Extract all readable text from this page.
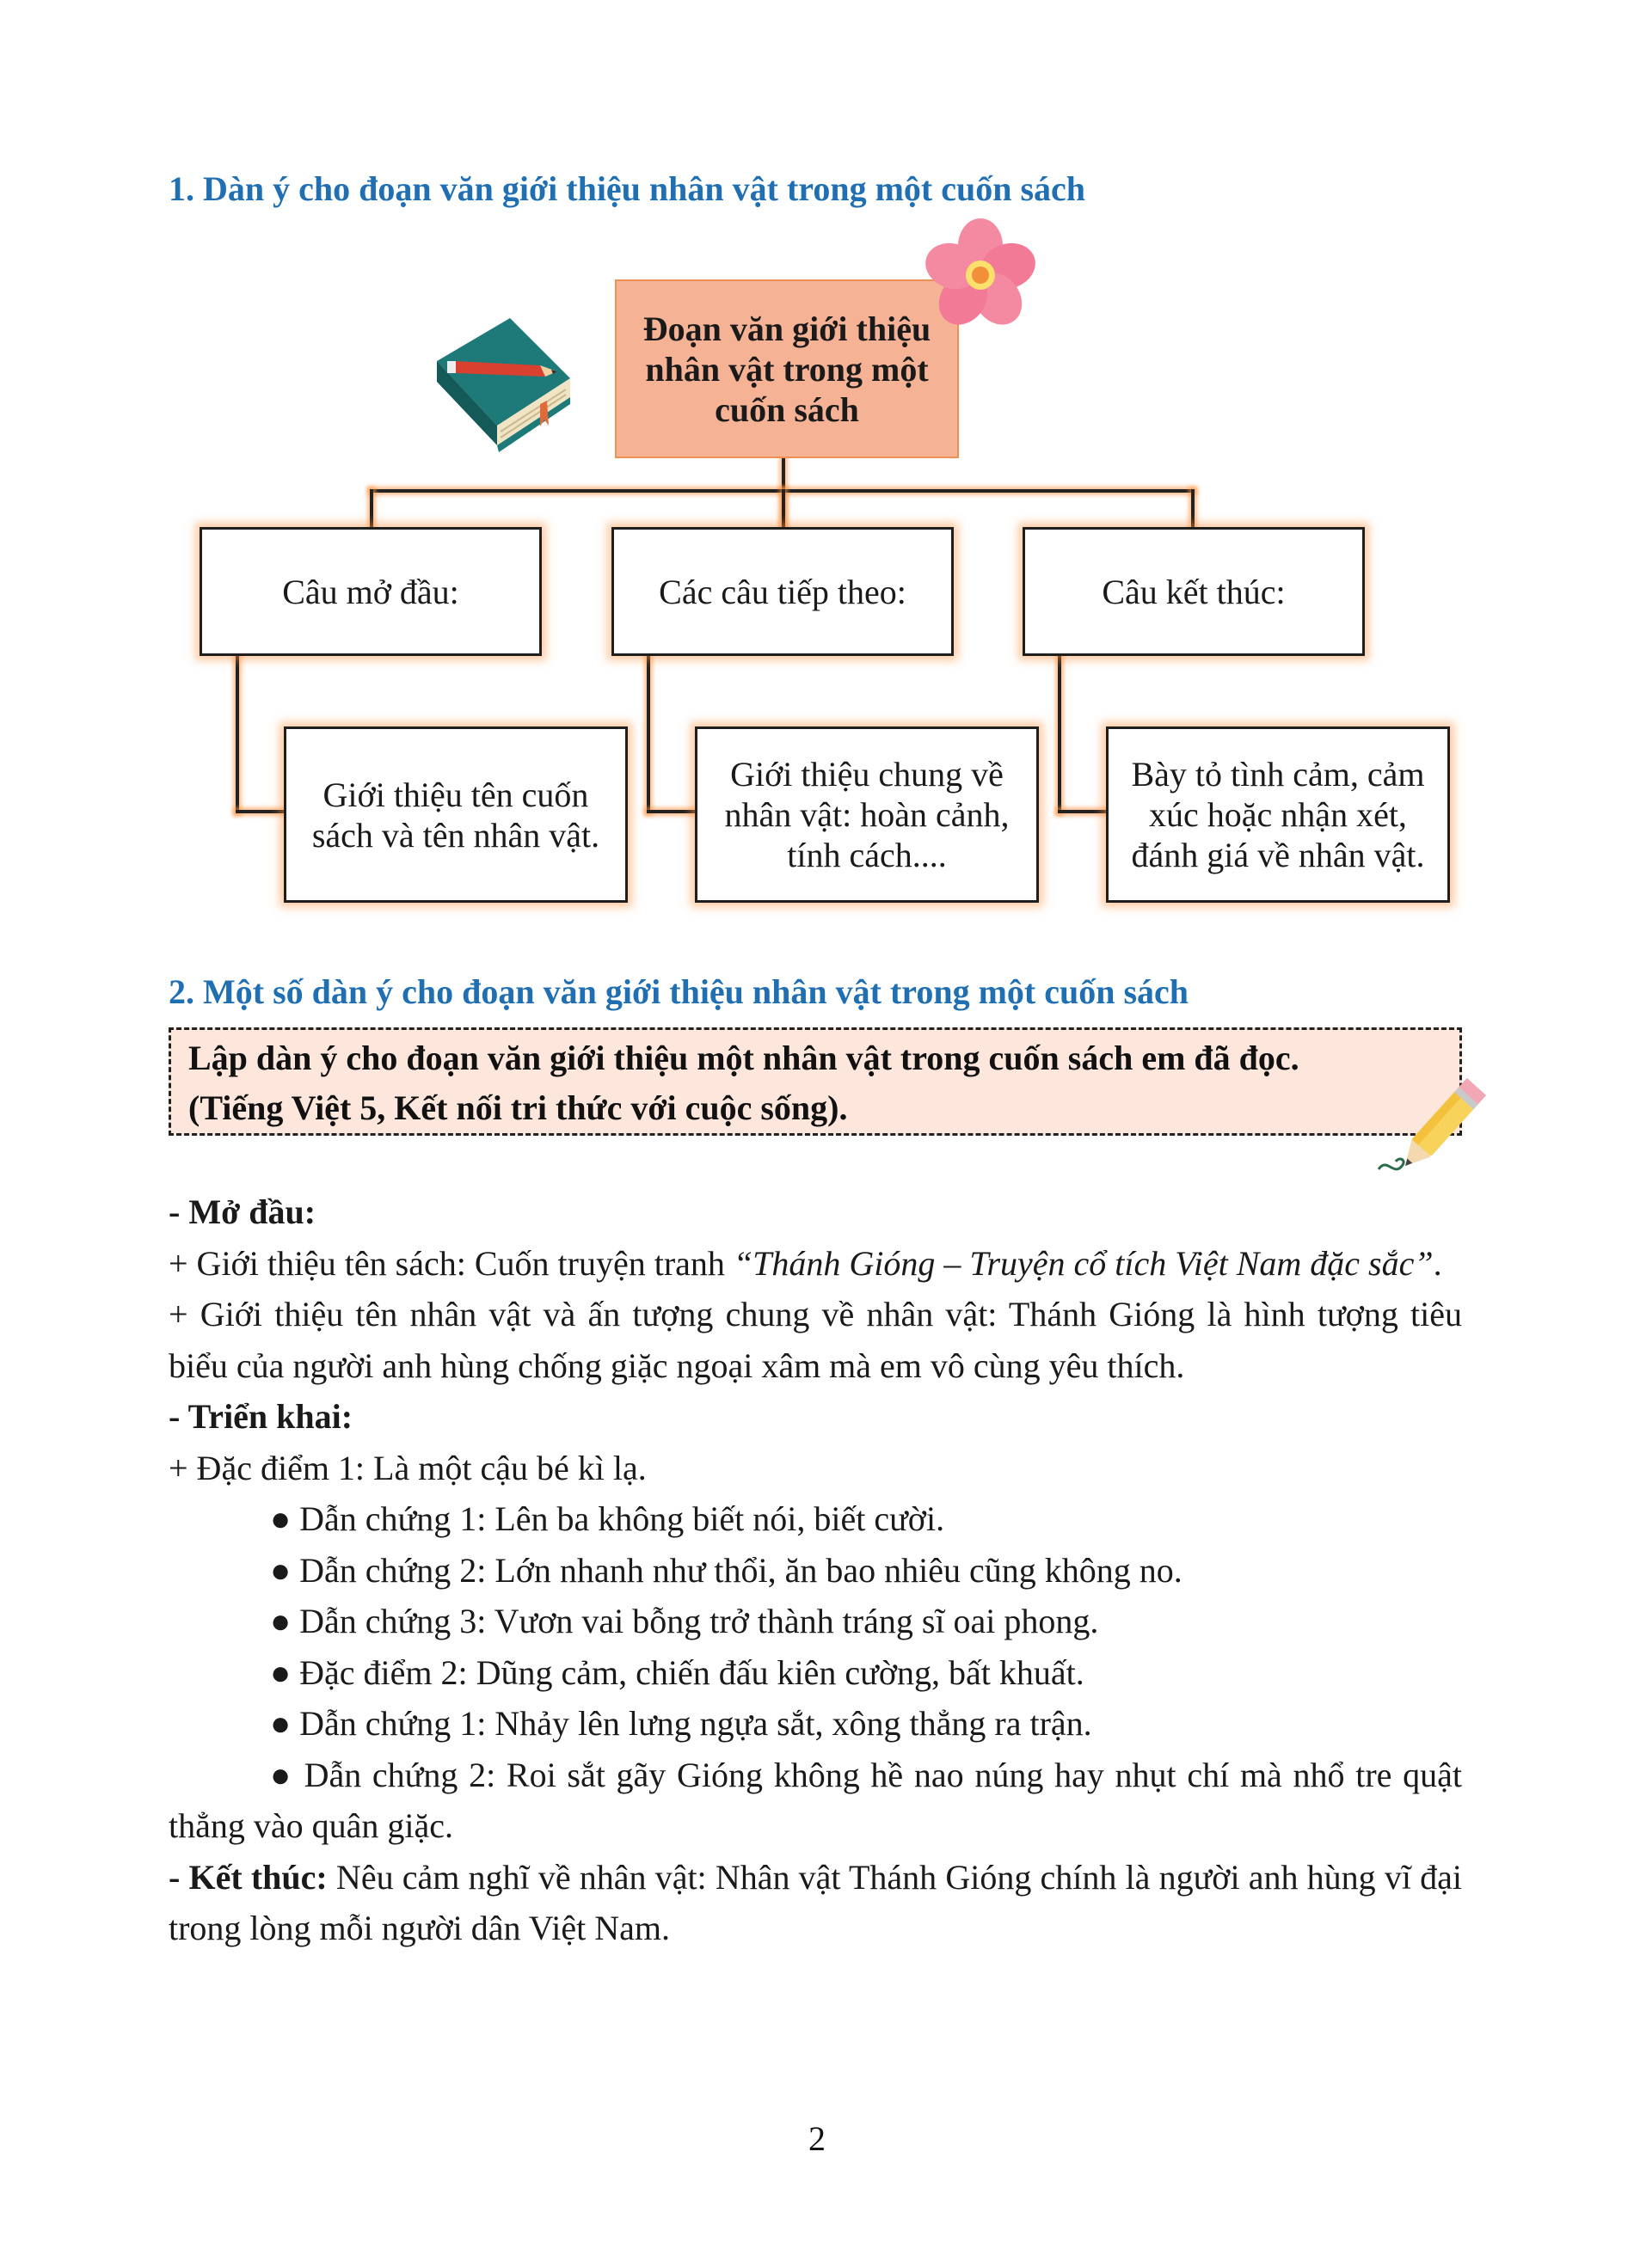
1. Dàn ý cho đoạn văn giới thiệu nhân vật trong một cuốn sách
Đoạn văn giới thiệu
nhân vật trong một
cuốn sách
Câu mở đầu:	Các câu tiếp theo:	Câu kết thúc:
Giới thiệu tên cuốn
sách và tên nhân vật.
Giới thiệu chung về
nhân vật: hoàn cảnh,
tính cách....
Bày tỏ tình cảm, cảm
xúc hoặc nhận xét,
đánh giá về nhân vật.
2. Một số dàn ý cho đoạn văn giới thiệu nhân vật trong một cuốn sách
Lập dàn ý cho đoạn văn giới thiệu một nhân vật trong cuốn sách em đã đọc.
(Tiếng Việt 5, Kết nối tri thức với cuộc sống).

- Mở đầu:

+ Giới thiệu tên sách: Cuốn truyện tranh “Thánh Gióng – Truyện cổ tích Việt Nam đặc sắc”.

+ Giới thiệu tên nhân vật và ấn tượng chung về nhân vật: Thánh Gióng là hình tượng tiêu biểu của người anh hùng chống giặc ngoại xâm mà em vô cùng yêu thích.

- Triển khai:

+ Đặc điểm 1: Là một cậu bé kì lạ.

● Dẫn chứng 1: Lên ba không biết nói, biết cười.

● Dẫn chứng 2: Lớn nhanh như thổi, ăn bao nhiêu cũng không no.

● Dẫn chứng 3: Vươn vai bỗng trở thành tráng sĩ oai phong.

● Đặc điểm 2: Dũng cảm, chiến đấu kiên cường, bất khuất.

● Dẫn chứng 1: Nhảy lên lưng ngựa sắt, xông thẳng ra trận.

● Dẫn chứng 2: Roi sắt gãy Gióng không hề nao núng hay nhụt chí mà nhổ tre quật thẳng vào quân giặc.

- Kết thúc: Nêu cảm nghĩ về nhân vật: Nhân vật Thánh Gióng chính là người anh hùng vĩ đại trong lòng mỗi người dân Việt Nam.

2
